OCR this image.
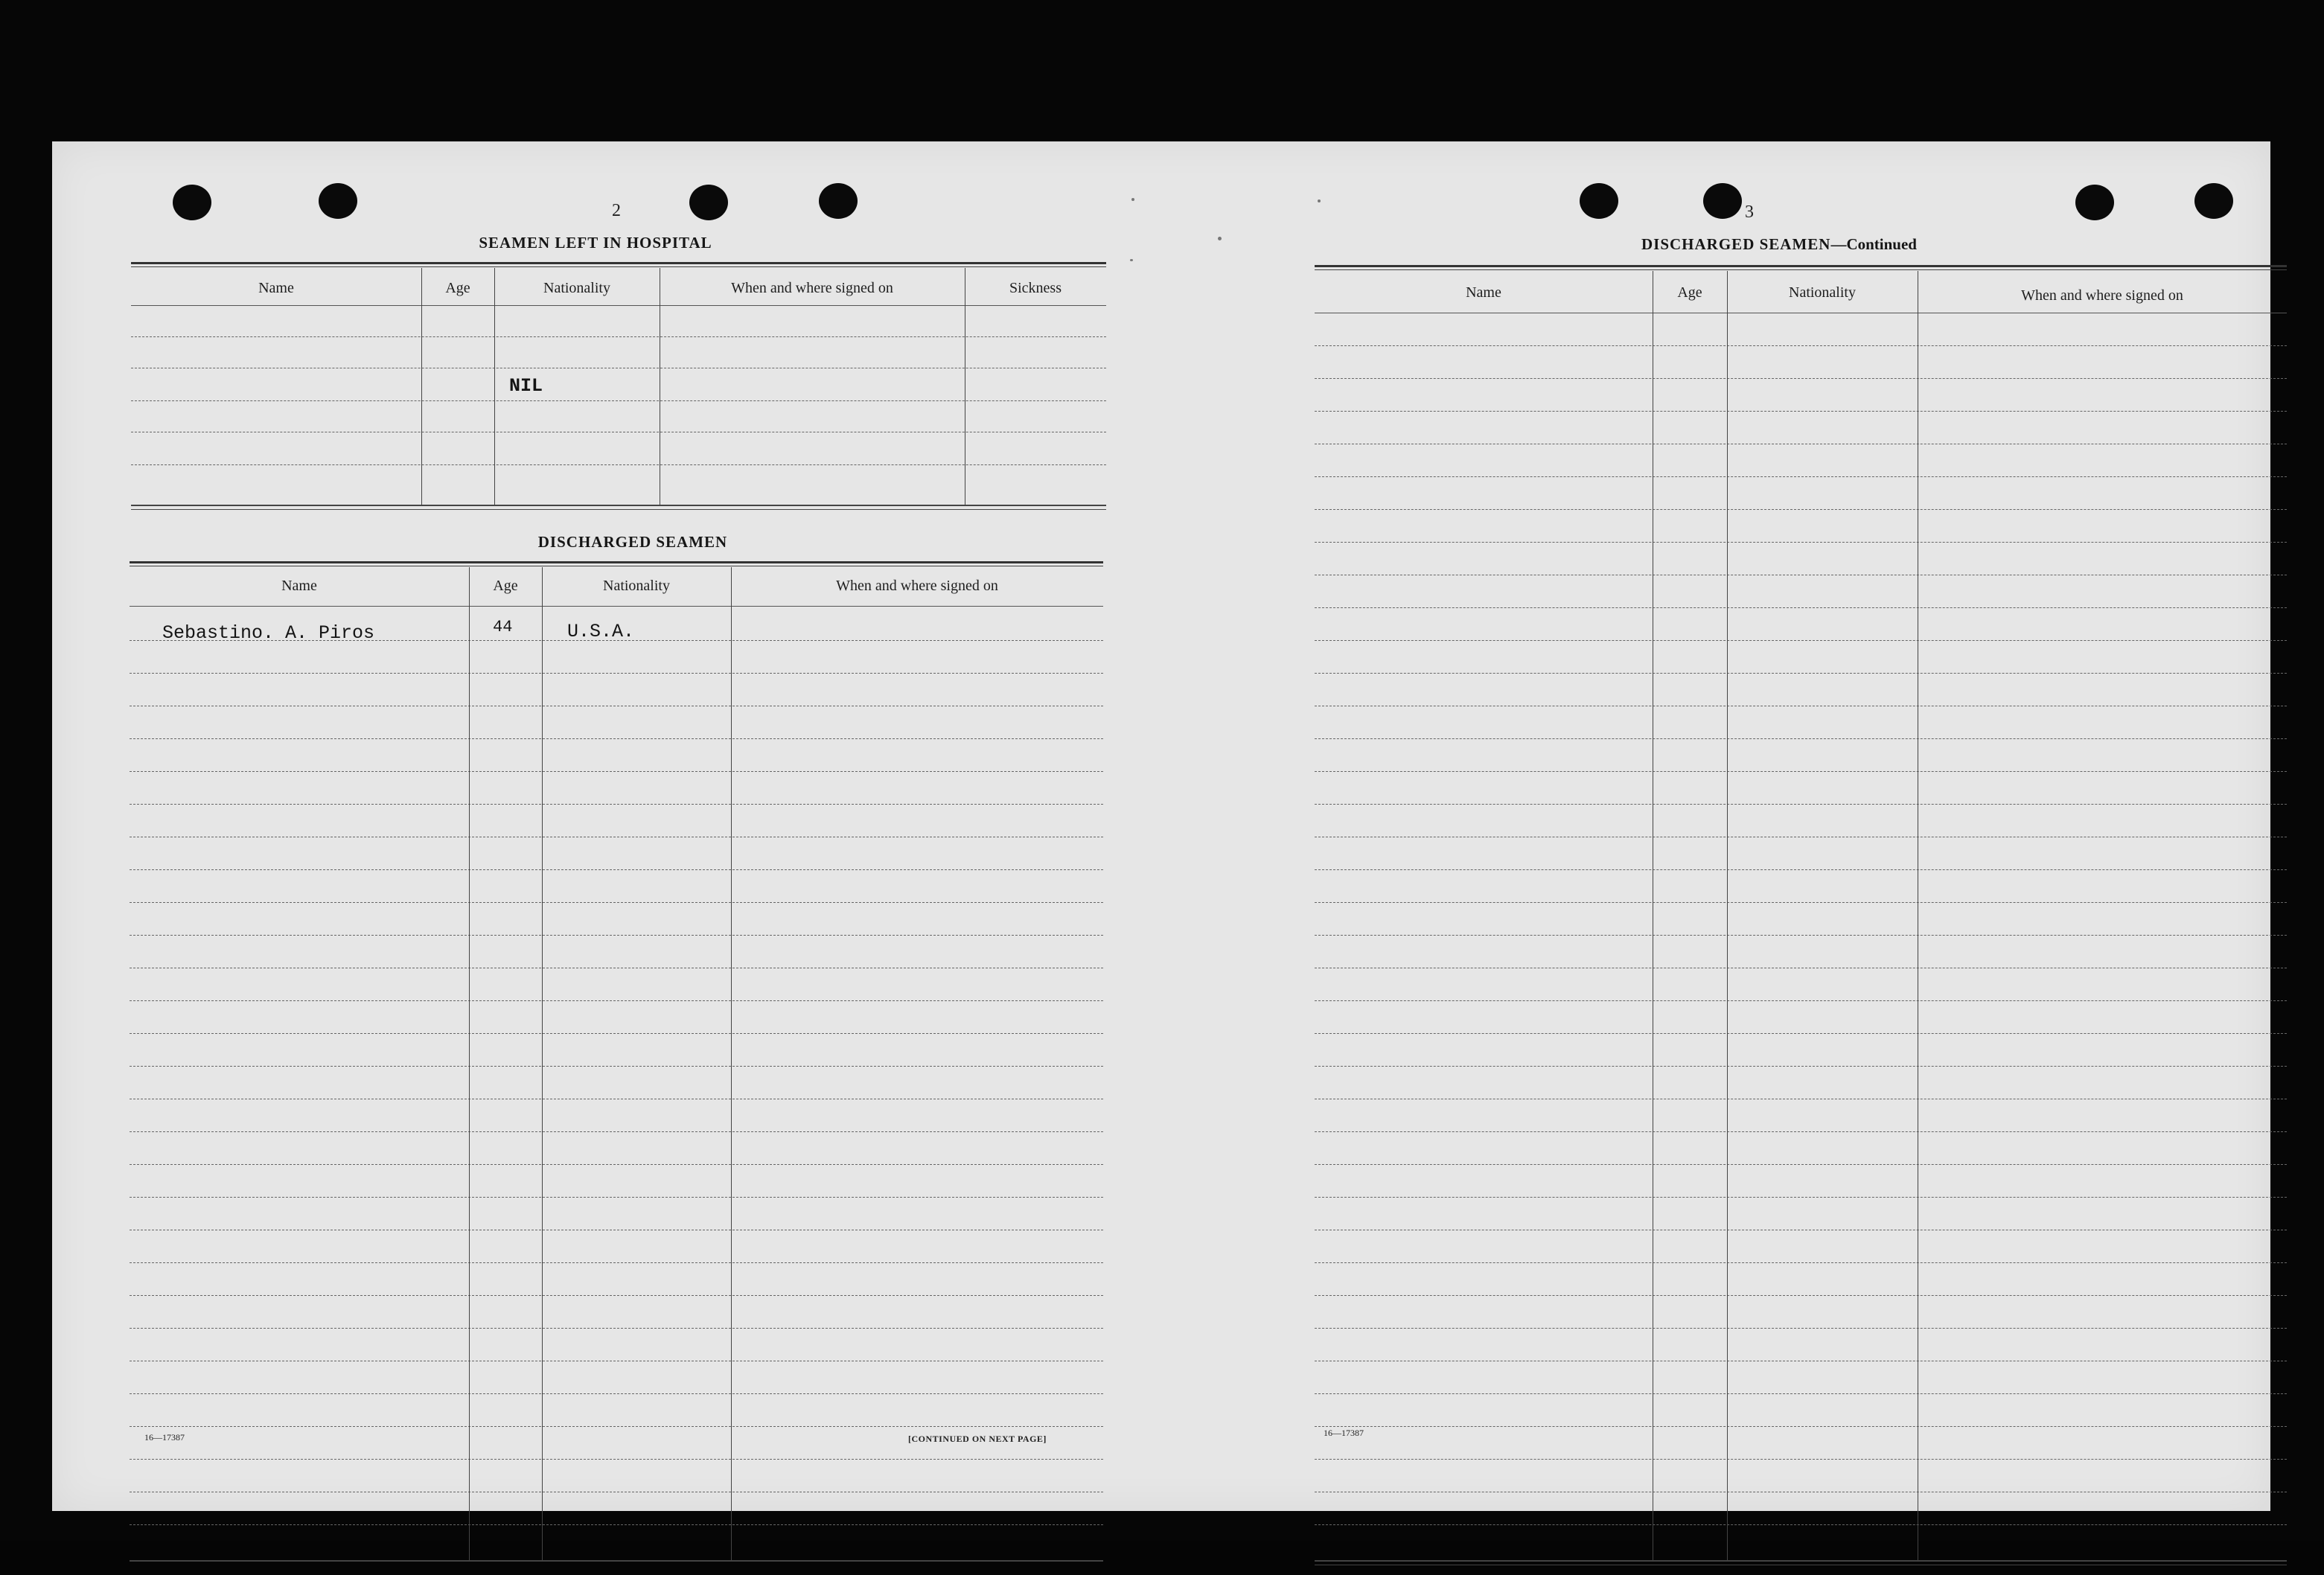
2
SEAMEN LEFT IN HOSPITAL
Name	Age	Nationality	When and where signed on	Sickness
NIL
DISCHARGED SEAMEN
Name	Age	Nationality	When and where signed on
Sebastino. A. Piros	44	U.S.A.
16—17387	[CONTINUED ON NEXT PAGE]
3
DISCHARGED SEAMEN—Continued
Name	Age	Nationality	When and where signed on
16—17387
